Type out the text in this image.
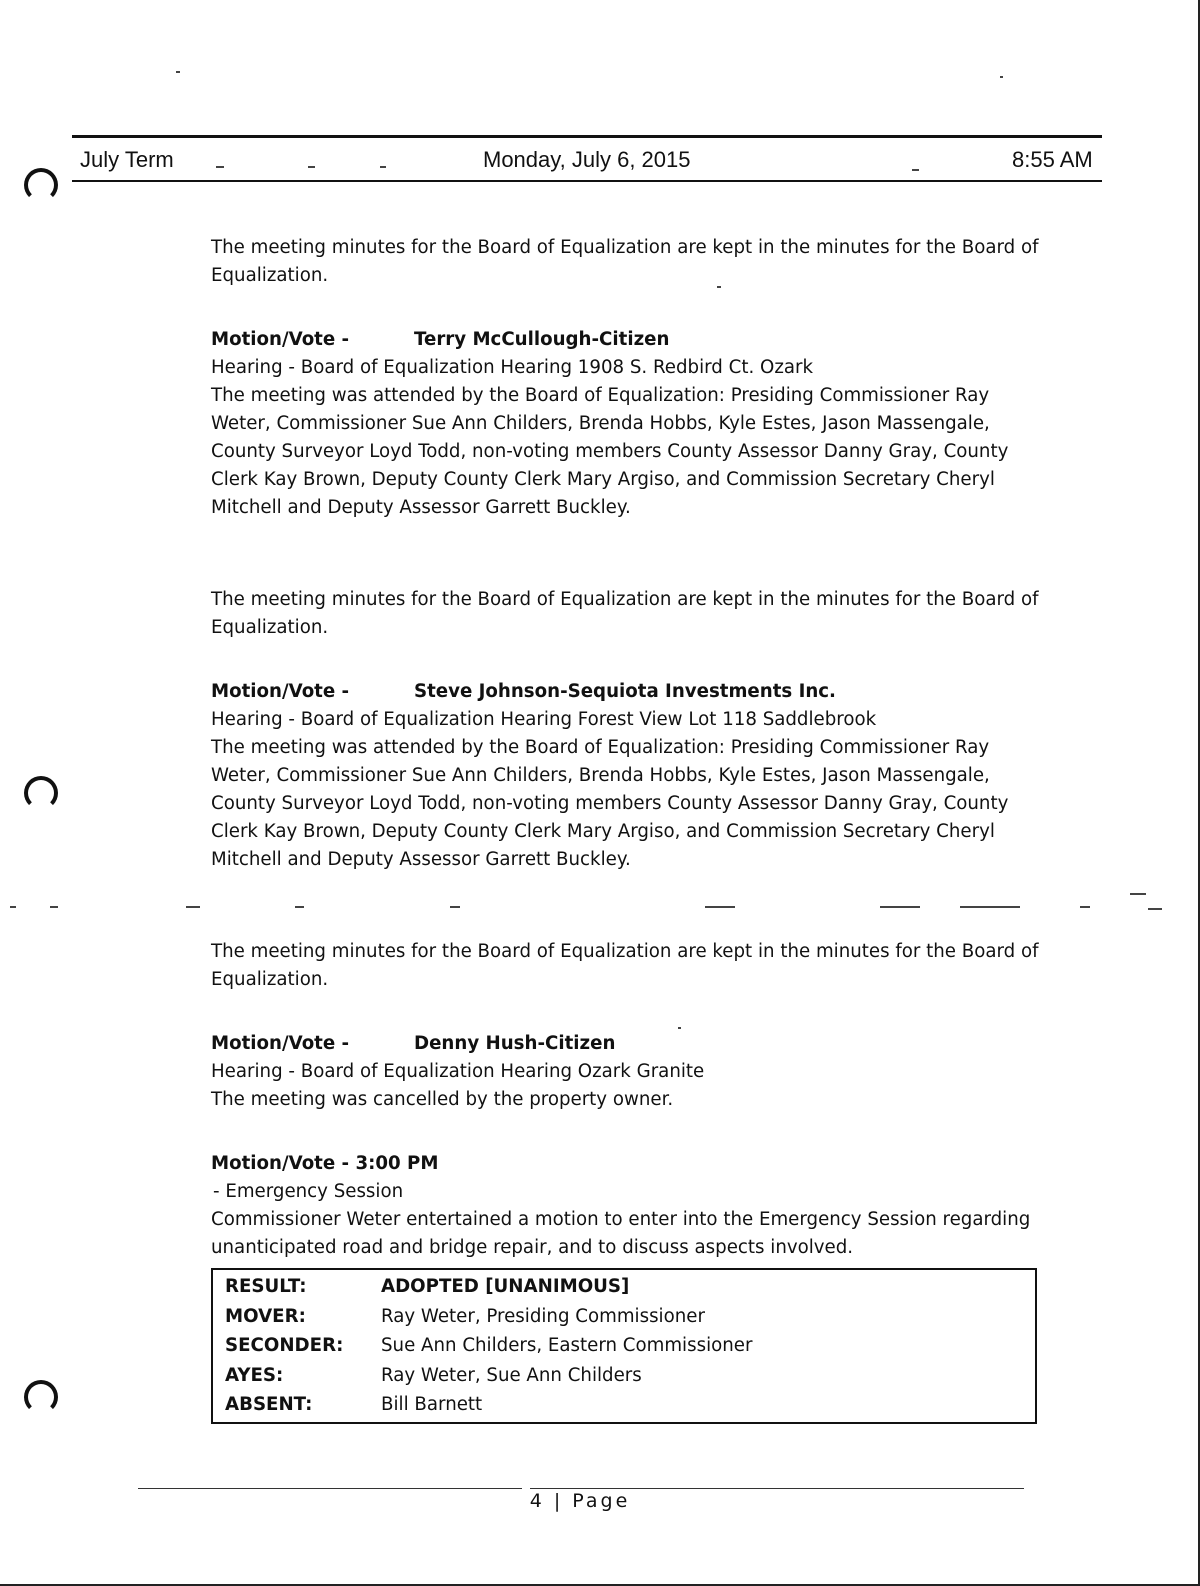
July Term	Monday, July 6, 2015	8:55 AM

The meeting minutes for the Board of Equalization are kept in the minutes for the Board of Equalization.

Motion/Vote -	Terry McCullough-Citizen

Hearing - Board of Equalization Hearing 1908 S. Redbird Ct. Ozark

The meeting was attended by the Board of Equalization: Presiding Commissioner Ray Weter, Commissioner Sue Ann Childers, Brenda Hobbs, Kyle Estes, Jason Massengale, County Surveyor Loyd Todd, non-voting members County Assessor Danny Gray, County Clerk Kay Brown, Deputy County Clerk Mary Argiso, and Commission Secretary Cheryl Mitchell and Deputy Assessor Garrett Buckley.

The meeting minutes for the Board of Equalization are kept in the minutes for the Board of Equalization.

Motion/Vote -	Steve Johnson-Sequiota Investments Inc.

Hearing - Board of Equalization Hearing Forest View Lot 118 Saddlebrook

The meeting was attended by the Board of Equalization: Presiding Commissioner Ray Weter, Commissioner Sue Ann Childers, Brenda Hobbs, Kyle Estes, Jason Massengale, County Surveyor Loyd Todd, non-voting members County Assessor Danny Gray, County Clerk Kay Brown, Deputy County Clerk Mary Argiso, and Commission Secretary Cheryl Mitchell and Deputy Assessor Garrett Buckley.

The meeting minutes for the Board of Equalization are kept in the minutes for the Board of Equalization.

Motion/Vote -	Denny Hush-Citizen

Hearing - Board of Equalization Hearing Ozark Granite

The meeting was cancelled by the property owner.

Motion/Vote - 3:00 PM

- Emergency Session

Commissioner Weter entertained a motion to enter into the Emergency Session regarding unanticipated road and bridge repair, and to discuss aspects involved.

RESULT:	ADOPTED [UNANIMOUS]
MOVER:	Ray Weter, Presiding Commissioner
SECONDER:	Sue Ann Childers, Eastern Commissioner
AYES:	Ray Weter, Sue Ann Childers
ABSENT:	Bill Barnett
4 | Page
